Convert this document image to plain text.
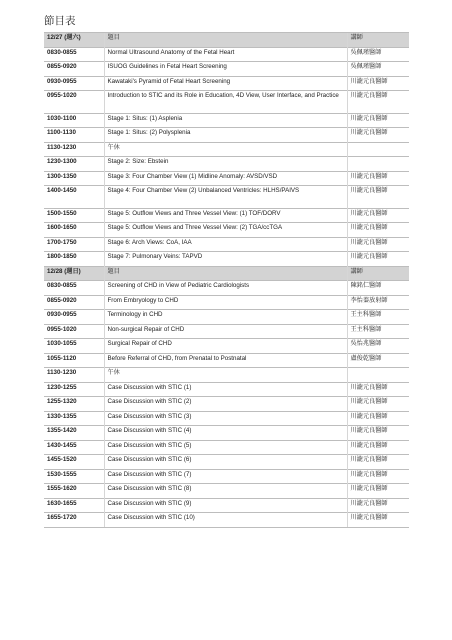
節目表
12/27 (週六)	題目	講師
0830-0855	Normal Ultrasound Anatomy of the Fetal Heart	吳佩瑾醫師
0855-0920	ISUOG Guidelines in Fetal Heart Screening	吳佩瑾醫師
0930-0955	Kawataki's Pyramid of Fetal Heart Screening	川瀧元良醫師
0955-1020	Introduction to STIC and its Role in Education, 4D View, User Interface, and Practice	川瀧元良醫師
1030-1100	Stage 1: Situs: (1) Asplenia	川瀧元良醫師
1100-1130	Stage 1: Situs: (2) Polysplenia	川瀧元良醫師
1130-1230	午休	
1230-1300	Stage 2: Size: Ebstein	
1300-1350	Stage 3: Four Chamber View (1) Midline Anomaly: AVSD/VSD	川瀧元良醫師
1400-1450	Stage 4: Four Chamber View (2) Unbalanced Ventricles: HLHS/PAIVS	川瀧元良醫師
1500-1550	Stage 5: Outflow Views and Three Vessel View: (1) TOF/DORV	川瀧元良醫師
1600-1650	Stage 5: Outflow Views and Three Vessel View: (2) TGA/ccTGA	川瀧元良醫師
1700-1750	Stage 6: Arch Views: CoA, IAA	川瀧元良醫師
1800-1850	Stage 7: Pulmonary Veins: TAPVD	川瀧元良醫師
12/28 (週日)	題目	講師
0830-0855	Screening of CHD in View of Pediatric Cardiologists	陳銘仁醫師
0855-0920	From Embryology to CHD	李怡蓁放射師
0930-0955	Terminology in CHD	王主科醫師
0955-1020	Non-surgical Repair of CHD	王主科醫師
1030-1055	Surgical Repair of CHD	吳怡兆醫師
1055-1120	Before Referral of CHD, from Prenatal to Postnatal	盧俊乾醫師
1130-1230	午休	
1230-1255	Case Discussion with STIC (1)	川瀧元良醫師
1255-1320	Case Discussion with STIC (2)	川瀧元良醫師
1330-1355	Case Discussion with STIC (3)	川瀧元良醫師
1355-1420	Case Discussion with STIC (4)	川瀧元良醫師
1430-1455	Case Discussion with STIC (5)	川瀧元良醫師
1455-1520	Case Discussion with STIC (6)	川瀧元良醫師
1530-1555	Case Discussion with STIC (7)	川瀧元良醫師
1555-1620	Case Discussion with STIC (8)	川瀧元良醫師
1630-1655	Case Discussion with STIC (9)	川瀧元良醫師
1655-1720	Case Discussion with STIC (10)	川瀧元良醫師
